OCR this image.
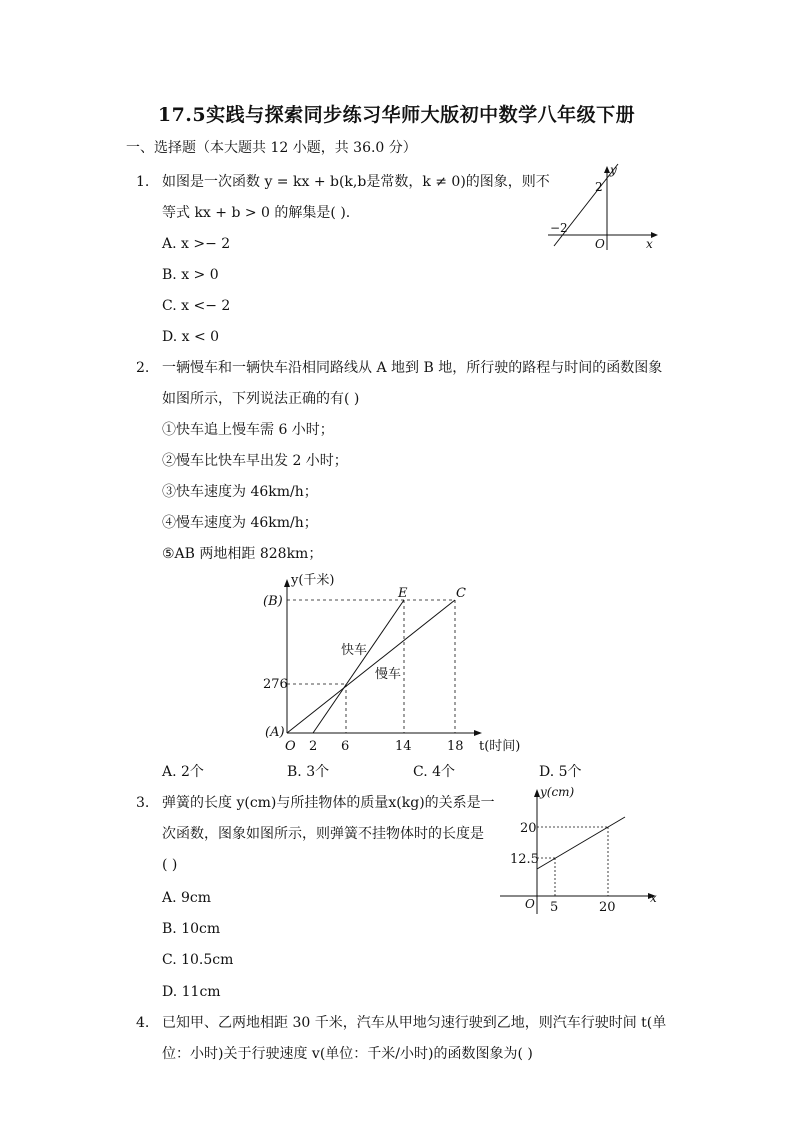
17.5实践与探索同步练习华师大版初中数学八年级下册
一、选择题（本大题共 12 小题，共 36.0 分）
1. 如图是一次函数 y = kx + b(k,b是常数，k ≠ 0)的图象，则不
等式 kx + b > 0 的解集是( ).
A. x >− 2
B. x > 0
C. x <− 2
D. x < 0
y
x
O
2
−2
2. 一辆慢车和一辆快车沿相同路线从 A 地到 B 地，所行驶的路程与时间的函数图象
如图所示，下列说法正确的有( )
①快车追上慢车需 6 小时；
②慢车比快车早出发 2 小时；
③快车速度为 46km/h；
④慢车速度为 46km/h；
⑤AB 两地相距 828km；
y(千米)
t(时间)
O
(B)
(A)
E	C
276
2 6	14	18
快车
慢车
A. 2个	B. 3个	C. 4个	D. 5个
3. 弹簧的长度 y(cm)与所挂物体的质量x(kg)的关系是一
次函数，图象如图所示，则弹簧不挂物体时的长度是
( )
A. 9cm
B. 10cm
C. 10.5cm
D. 11cm
y(cm)
x
O
20
12.5
5	20
4. 已知甲、乙两地相距 30 千米，汽车从甲地匀速行驶到乙地，则汽车行驶时间 t(单
位：小时)关于行驶速度 v(单位：千米/小时)的函数图象为( )
